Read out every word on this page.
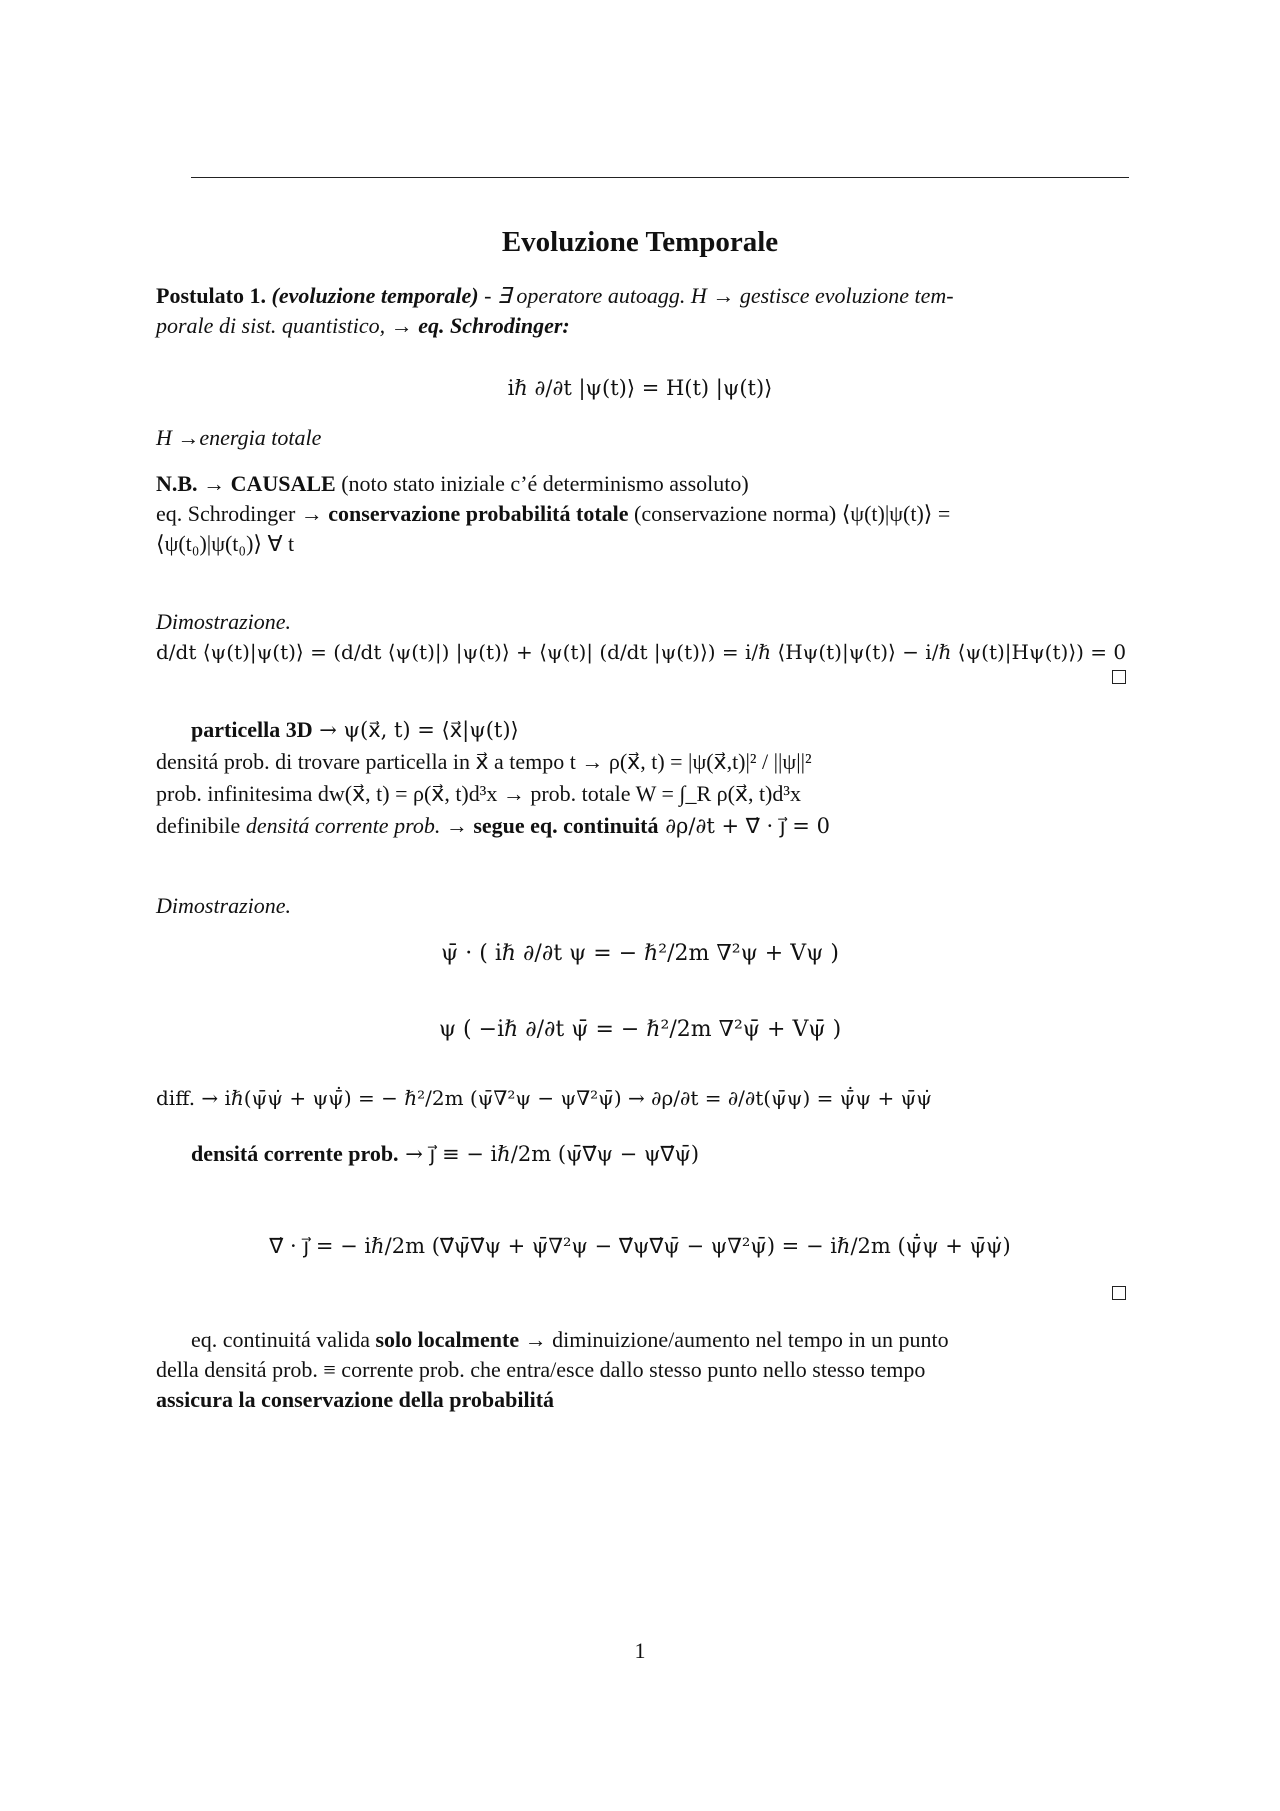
Evoluzione Temporale
Postulato 1. (evoluzione temporale) - ∃ operatore autoagg. H → gestisce evoluzione tem-
porale di sist. quantistico, → eq. Schrodinger:
iℏ ∂/∂t |ψ(t)⟩ = H(t) |ψ(t)⟩
H →energia totale
N.B. → CAUSALE (noto stato iniziale c’é determinismo assoluto)
eq. Schrodinger → conservazione probabilitá totale (conservazione norma) ⟨ψ(t)|ψ(t)⟩ =
⟨ψ(t₀)|ψ(t₀)⟩ ∀ t
Dimostrazione.
d/dt ⟨ψ(t)|ψ(t)⟩ = (d/dt ⟨ψ(t)|) |ψ(t)⟩ + ⟨ψ(t)| (d/dt |ψ(t)⟩) = i/ℏ ⟨Hψ(t)|ψ(t)⟩ − i/ℏ ⟨ψ(t)|Hψ(t)⟩) = 0
particella 3D → ψ(x⃗, t) = ⟨x⃗|ψ(t)⟩
densitá prob. di trovare particella in x⃗ a tempo t → ρ(x⃗, t) = |ψ(x⃗,t)|² / ||ψ||²
prob. infinitesima dw(x⃗, t) = ρ(x⃗, t)d³x → prob. totale W = ∫_R ρ(x⃗, t)d³x
definibile densitá corrente prob. → segue eq. continuitá ∂ρ/∂t + ∇⃗ · j⃗ = 0
Dimostrazione.
ψ̄ · ( iℏ ∂/∂t ψ = − ℏ²/2m ∇²ψ + Vψ )
ψ ( −iℏ ∂/∂t ψ̄ = − ℏ²/2m ∇²ψ̄ + Vψ̄ )
diff. → iℏ(ψ̄ψ̇ + ψψ̄̇) = − ℏ²/2m (ψ̄∇²ψ − ψ∇²ψ̄) → ∂ρ/∂t = ∂/∂t(ψ̄ψ) = ψ̄̇ψ + ψ̄ψ̇
densitá corrente prob. → j⃗ ≡ − iℏ/2m (ψ̄∇⃗ψ − ψ∇⃗ψ̄)
∇⃗ · j⃗ = − iℏ/2m (∇⃗ψ̄∇⃗ψ + ψ̄∇²ψ − ∇⃗ψ∇⃗ψ̄ − ψ∇²ψ̄) = − iℏ/2m (ψ̄̇ψ + ψ̄ψ̇)
eq. continuitá valida solo localmente → diminuizione/aumento nel tempo in un punto
della densitá prob. ≡ corrente prob. che entra/esce dallo stesso punto nello stesso tempo
assicura la conservazione della probabilitá
1
